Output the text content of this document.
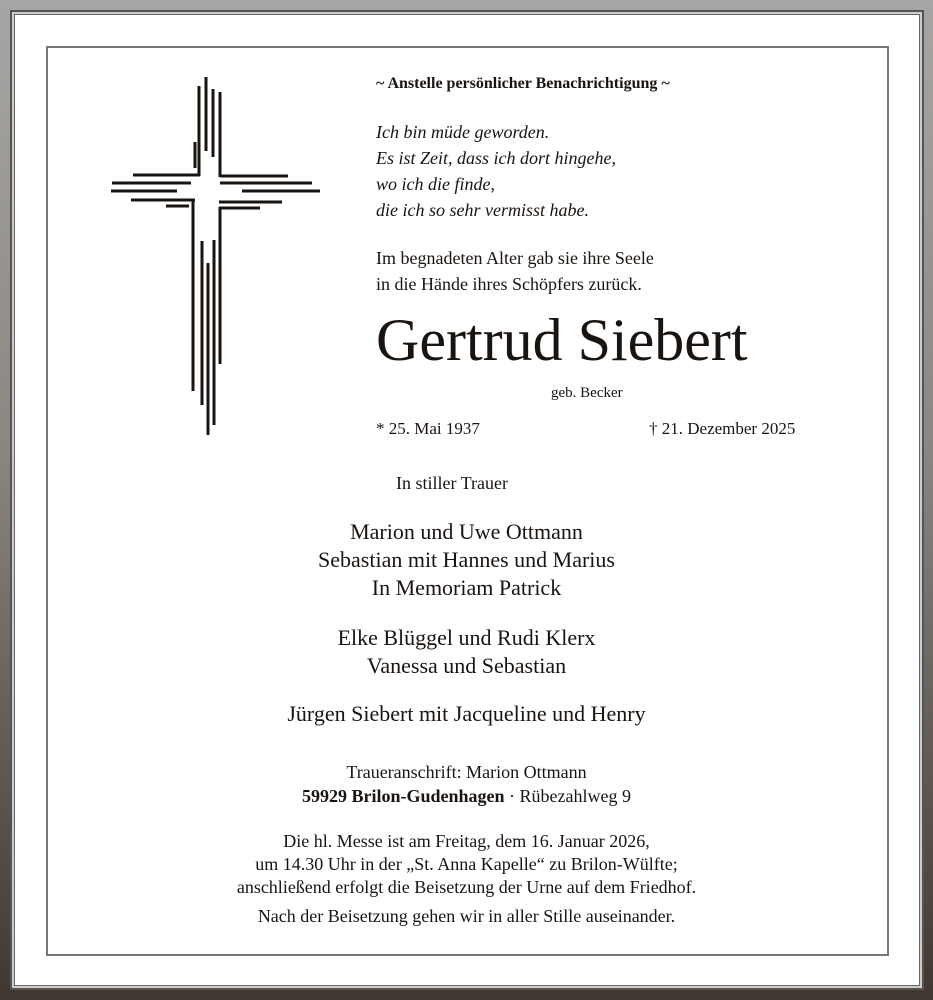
~ Anstelle persönlicher Benachrichtigung ~
Ich bin müde geworden.
Es ist Zeit, dass ich dort hingehe,
wo ich die finde,
die ich so sehr vermisst habe.
Im begnadeten Alter gab sie ihre Seele
in die Hände ihres Schöpfers zurück.
Gertrud Siebert
geb. Becker
* 25. Mai 1937	† 21. Dezember 2025
In stiller Trauer
Marion und Uwe Ottmann
Sebastian mit Hannes und Marius
In Memoriam Patrick
Elke Blüggel und Rudi Klerx
Vanessa und Sebastian
Jürgen Siebert mit Jacqueline und Henry
Traueranschrift: Marion Ottmann
59929 Brilon-Gudenhagen · Rübezahlweg 9
Die hl. Messe ist am Freitag, dem 16. Januar 2026,
um 14.30 Uhr in der „St. Anna Kapelle“ zu Brilon-Wülfte;
anschließend erfolgt die Beisetzung der Urne auf dem Friedhof.
Nach der Beisetzung gehen wir in aller Stille auseinander.
